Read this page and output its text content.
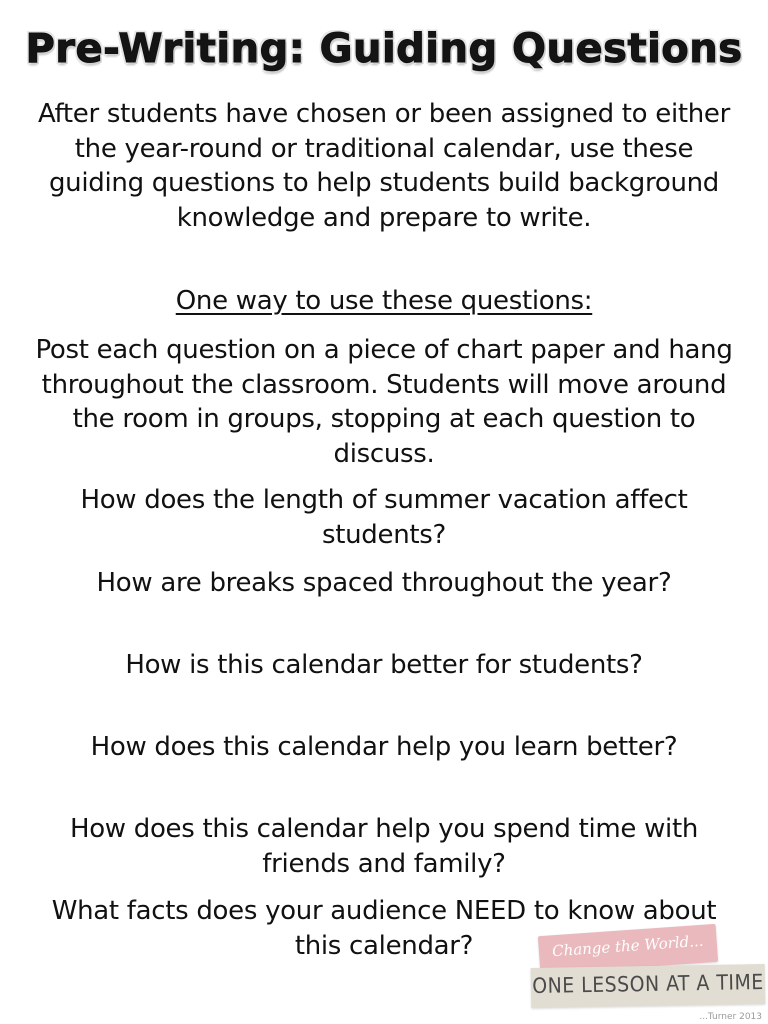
Pre-Writing: Guiding Questions
After students have chosen or been assigned to either the year-round or traditional calendar, use these guiding questions to help students build background knowledge and prepare to write.
One way to use these questions:
Post each question on a piece of chart paper and hang throughout the classroom. Students will move around the room in groups, stopping at each question to discuss.
How does the length of summer vacation affect students?
How are breaks spaced throughout the year?
How is this calendar better for students?
How does this calendar help you learn better?
How does this calendar help you spend time with friends and family?
What facts does your audience NEED to know about this calendar?	Change the World...
ONE LESSON AT A TIME
...Turner 2013
